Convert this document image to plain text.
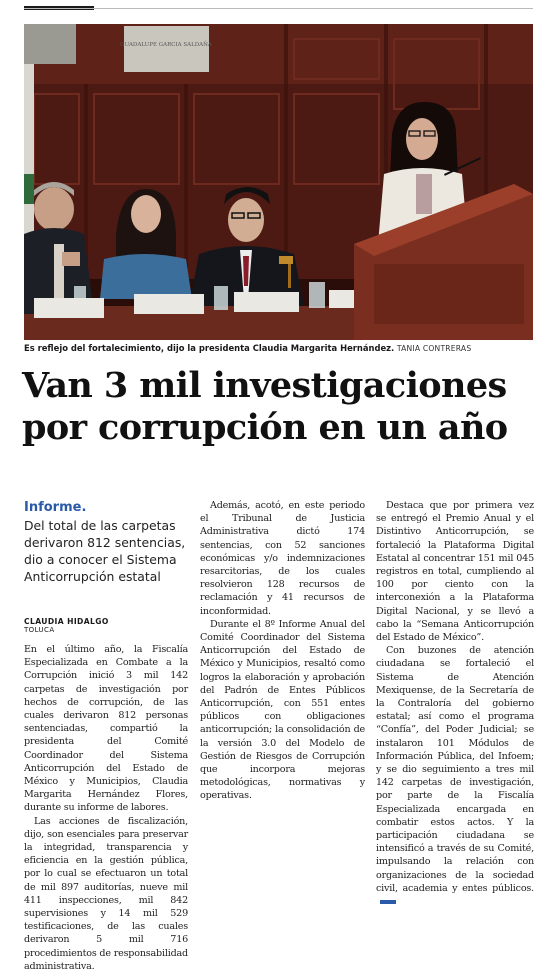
GUADALUPE GARCIA SALDAÑA
Es reflejo del fortalecimiento, dijo la presidenta Claudia Margarita Hernández. TANIA CONTRERAS
Van 3 mil investigaciones
por corrupción en un año
Informe.
Del total de las carpetas derivaron 812 sentencias, dio a conocer el Sistema Anticorrupción estatal
CLAUDIA HIDALGO
TOLUCA

En el último año, la Fiscalía Especializada en Combate a la Corrupción inició 3 mil 142 carpetas de investigación por hechos de corrupción, de las cuales derivaron 812 personas sentenciadas, compartió la presidenta del Comité Coordinador del Sistema Anticorrupción del Estado de México y Municipios, Claudia Margarita Hernández Flores, durante su informe de labores.

Las acciones de fiscalización, dijo, son esenciales para preservar la integridad, transparencia y eficiencia en la gestión pública, por lo cual se efectuaron un total de mil 897 auditorías, nueve mil 411 inspecciones, mil 842 supervisiones y 14 mil 529 testificaciones, de las cuales derivaron 5 mil 716 procedimientos de responsabilidad administrativa.

Además, acotó, en este periodo el Tribunal de Justicia Administrativa dictó 174 sentencias, con 52 sanciones económicas y/o indemnizaciones resarcitorias, de los cuales resolvieron 128 recursos de reclamación y 41 recursos de inconformidad.

Durante el 8º Informe Anual del Comité Coordinador del Sistema Anticorrupción del Estado de México y Municipios, resaltó como logros la elaboración y aprobación del Padrón de Entes Públicos Anticorrupción, con 551 entes públicos con obligaciones anticorrupción; la consolidación de la versión 3.0 del Modelo de Gestión de Riesgos de Corrupción que incorpora mejoras metodológicas, normativas y operativas.

Destaca que por primera vez se entregó el Premio Anual y el Distintivo Anticorrupción, se fortaleció la Plataforma Digital Estatal al concentrar 151 mil 045 registros en total, cumpliendo al 100 por ciento con la interconexión a la Plataforma Digital Nacional, y se llevó a cabo la “Semana Anticorrupción del Estado de México”.

Con buzones de atención ciudadana se fortaleció el Sistema de Atención Mexiquense, de la Secretaría de la Contraloría del gobierno estatal; así como el programa “Confía”, del Poder Judicial; se instalaron 101 Módulos de Información Pública, del Infoem; y se dio seguimiento a tres mil 142 carpetas de investigación, por parte de la Fiscalía Especializada encargada en combatir estos actos. Y la participación ciudadana se intensificó a través de su Comité, impulsando la relación con organizaciones de la sociedad civil, academia y entes públicos.
